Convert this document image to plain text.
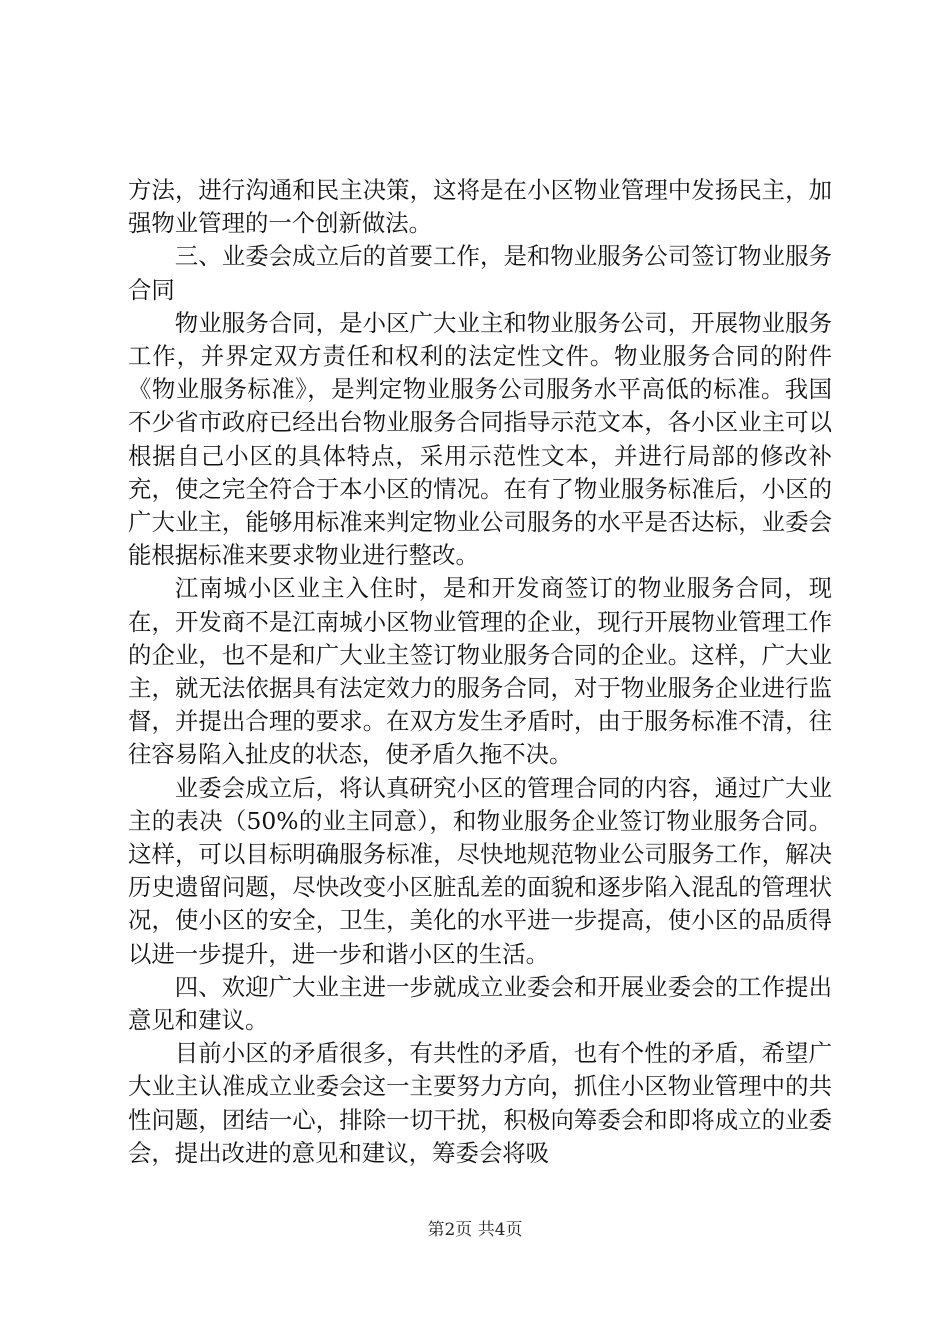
方法，进行沟通和民主决策，这将是在小区物业管理中发扬民主，加强物业管理的一个创新做法。

三、业委会成立后的首要工作，是和物业服务公司签订物业服务合同

物业服务合同，是小区广大业主和物业服务公司，开展物业服务工作，并界定双方责任和权利的法定性文件。物业服务合同的附件《物业服务标准》，是判定物业服务公司服务水平高低的标准。我国不少省市政府已经出台物业服务合同指导示范文本，各小区业主可以根据自己小区的具体特点，采用示范性文本，并进行局部的修改补充，使之完全符合于本小区的情况。在有了物业服务标准后，小区的广大业主，能够用标准来判定物业公司服务的水平是否达标，业委会能根据标准来要求物业进行整改。

江南城小区业主入住时，是和开发商签订的物业服务合同，现在，开发商不是江南城小区物业管理的企业，现行开展物业管理工作的企业，也不是和广大业主签订物业服务合同的企业。这样，广大业主，就无法依据具有法定效力的服务合同，对于物业服务企业进行监督，并提出合理的要求。在双方发生矛盾时，由于服务标准不清，往往容易陷入扯皮的状态，使矛盾久拖不决。

业委会成立后，将认真研究小区的管理合同的内容，通过广大业主的表决（50%的业主同意），和物业服务企业签订物业服务合同。这样，可以目标明确服务标准，尽快地规范物业公司服务工作，解决历史遗留问题，尽快改变小区脏乱差的面貌和逐步陷入混乱的管理状况，使小区的安全，卫生，美化的水平进一步提高，使小区的品质得以进一步提升，进一步和谐小区的生活。

四、欢迎广大业主进一步就成立业委会和开展业委会的工作提出意见和建议。

目前小区的矛盾很多，有共性的矛盾，也有个性的矛盾，希望广大业主认准成立业委会这一主要努力方向，抓住小区物业管理中的共性问题，团结一心，排除一切干扰，积极向筹委会和即将成立的业委会，提出改进的意见和建议，筹委会将吸

第2页 共4页
